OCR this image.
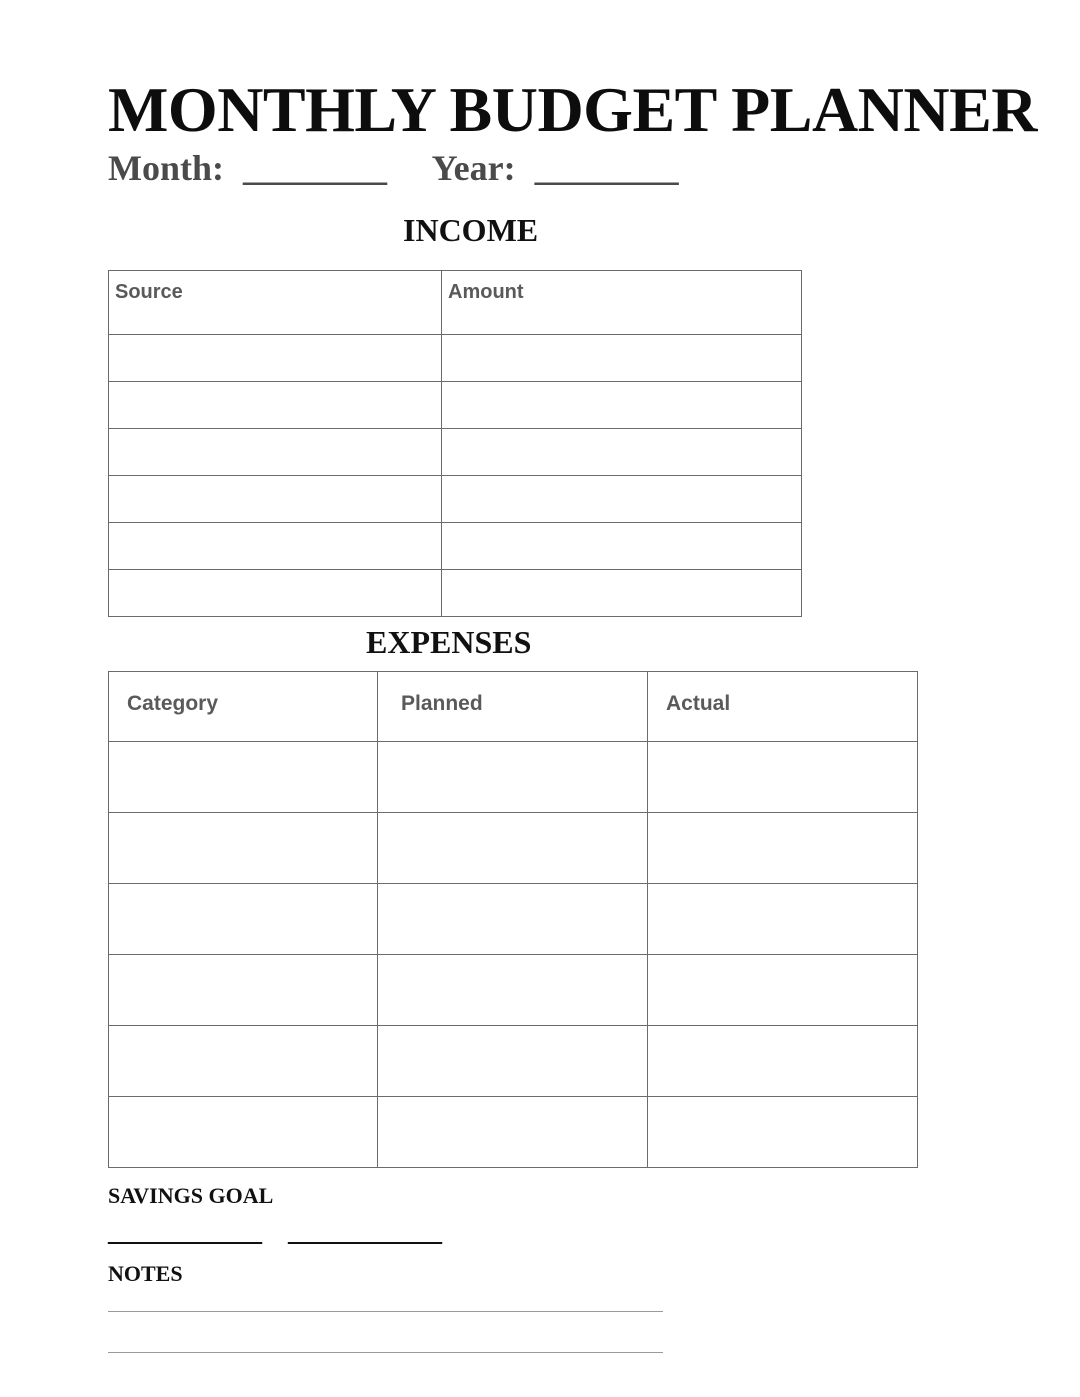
MONTHLY BUDGET PLANNER
Month: ________ Year: ________
INCOME
Source	Amount

EXPENSES
Category	Planned	Actual

SAVINGS GOAL
___________ ___________
NOTES
